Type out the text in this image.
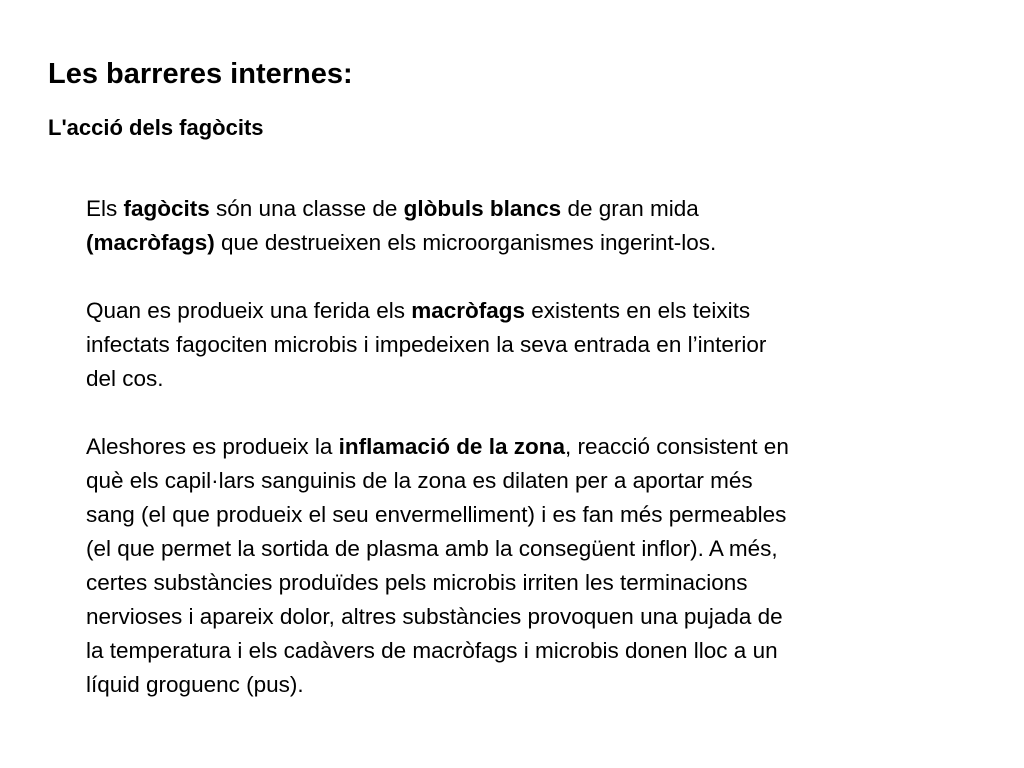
Les barreres internes:
L'acció dels fagòcits

Els fagòcits són una classe de glòbuls blancs de gran mida
(macròfags) que destrueixen els microorganismes ingerint-los.

Quan es produeix una ferida els macròfags existents en els teixits
infectats fagociten microbis i impedeixen la seva entrada en l’interior
del cos.

Aleshores es produeix la inflamació de la zona, reacció consistent en
què els capil·lars sanguinis de la zona es dilaten per a aportar més
sang (el que produeix el seu envermelliment) i es fan més permeables
(el que permet la sortida de plasma amb la consegüent inflor). A més,
certes substàncies produïdes pels microbis irriten les terminacions
nervioses i apareix dolor, altres substàncies provoquen una pujada de
la temperatura i els cadàvers de macròfags i microbis donen lloc a un
líquid groguenc (pus).
